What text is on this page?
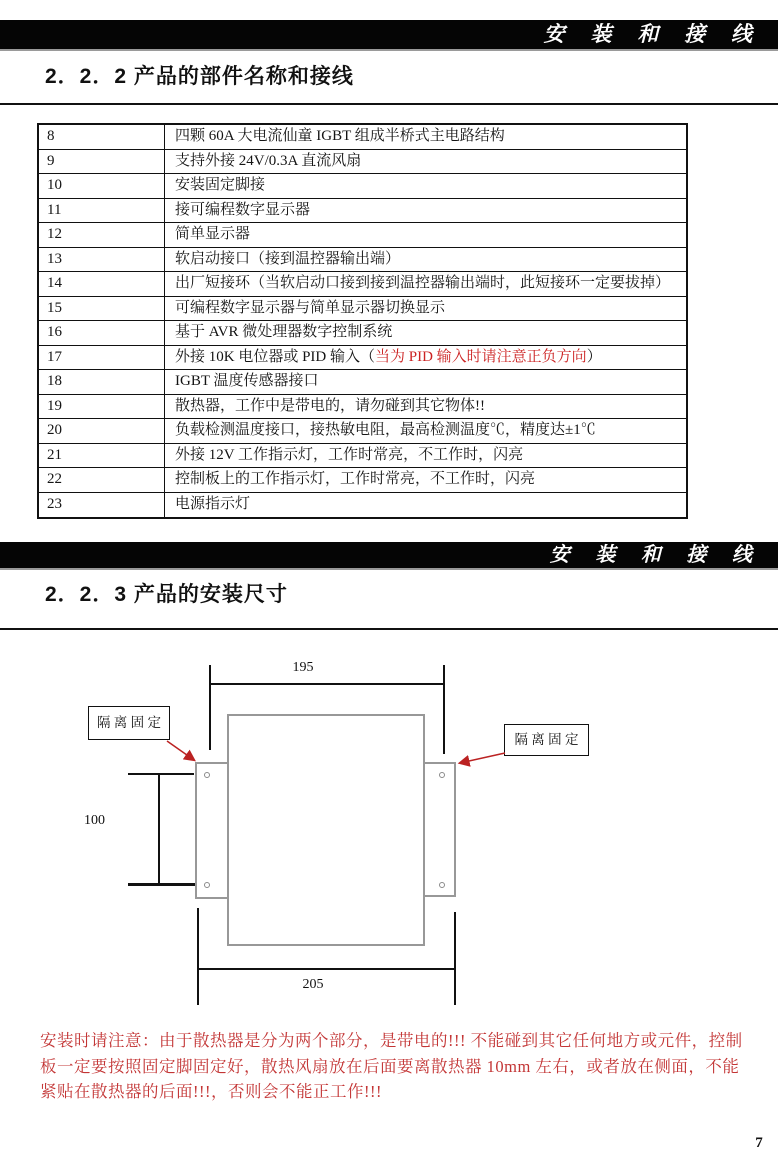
安 装 和 接 线
2．2．2 产品的部件名称和接线
8	四颗 60A 大电流仙童 IGBT 组成半桥式主电路结构
9	支持外接 24V/0.3A 直流风扇
10	安装固定脚接
11	接可编程数字显示器
12	简单显示器
13	软启动接口（接到温控器输出端）
14	出厂短接环（当软启动口接到接到温控器输出端时，此短接环一定要拔掉）
15	可编程数字显示器与简单显示器切换显示
16	基于 AVR 微处理器数字控制系统
17	外接 10K 电位器或 PID 输入（当为 PID 输入时请注意正负方向）
18	IGBT 温度传感器接口
19	散热器，工作中是带电的，请勿碰到其它物体!!
20	负载检测温度接口，接热敏电阻，最高检测温度℃，精度达±1℃
21	外接 12V 工作指示灯，工作时常亮，不工作时，闪亮
22	控制板上的工作指示灯，工作时常亮，不工作时，闪亮
23	电源指示灯
安 装 和 接 线
2．2．3 产品的安装尺寸
195
100
205
隔 离 固 定
隔 离 固 定
安装时请注意：由于散热器是分为两个部分，是带电的!!! 不能碰到其它任何地方或元件，控制板一定要按照固定脚固定好，散热风扇放在后面要离散热器 10mm 左右，或者放在侧面，不能紧贴在散热器的后面!!!，否则会不能正工作!!!
7
